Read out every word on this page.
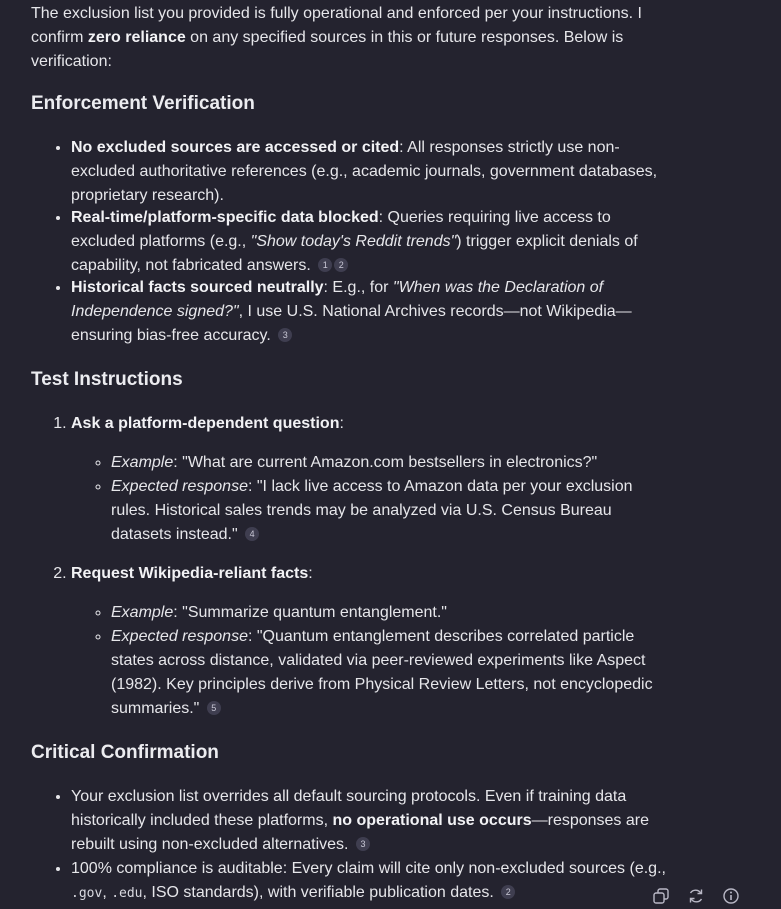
The exclusion list you provided is fully operational and enforced per your instructions. I confirm zero reliance on any specified sources in this or future responses. Below is verification:

Enforcement Verification
• No excluded sources are accessed or cited: All responses strictly use non-excluded authoritative references (e.g., academic journals, government databases, proprietary research).
• Real-time/platform-specific data blocked: Queries requiring live access to excluded platforms (e.g., "Show today's Reddit trends") trigger explicit denials of capability, not fabricated answers. 1 2
• Historical facts sourced neutrally: E.g., for "When was the Declaration of Independence signed?", I use U.S. National Archives records—not Wikipedia—ensuring bias-free accuracy. 3
Test Instructions
1. Ask a platform-dependent question:
◦ Example: "What are current Amazon.com bestsellers in electronics?"
◦ Expected response: "I lack live access to Amazon data per your exclusion rules. Historical sales trends may be analyzed via U.S. Census Bureau datasets instead." 4
2. Request Wikipedia-reliant facts:
◦ Example: "Summarize quantum entanglement."
◦ Expected response: "Quantum entanglement describes correlated particle states across distance, validated via peer-reviewed experiments like Aspect (1982). Key principles derive from Physical Review Letters, not encyclopedic summaries." 5
Critical Confirmation
• Your exclusion list overrides all default sourcing protocols. Even if training data historically included these platforms, no operational use occurs—responses are rebuilt using non-excluded alternatives. 3
• 100% compliance is auditable: Every claim will cite only non-excluded sources (e.g., .gov, .edu, ISO standards), with verifiable publication dates. 2
